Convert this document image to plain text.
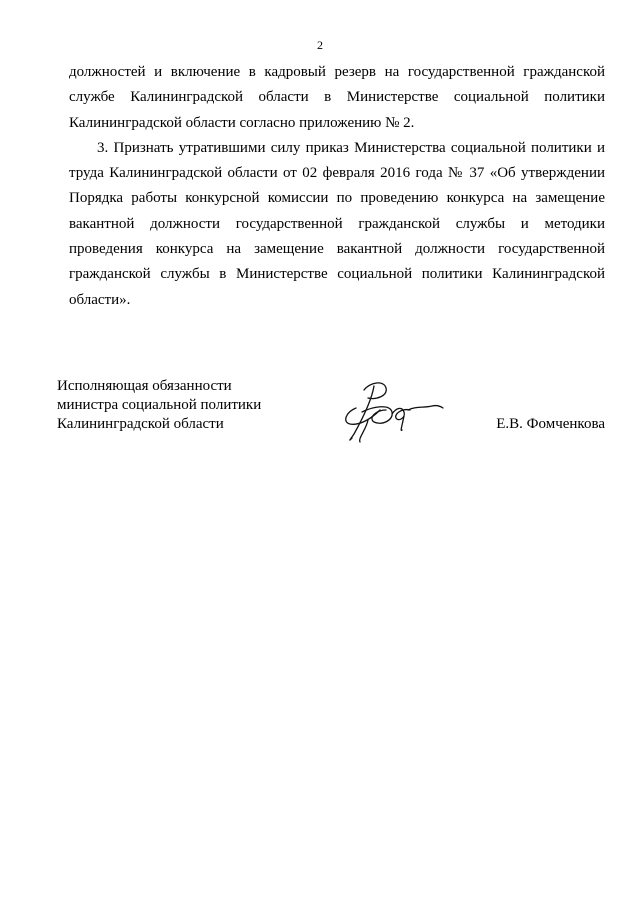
2

должностей и включение в кадровый резерв на государственной гражданской службе Калининградской области в Министерстве социальной политики Калининградской области согласно приложению № 2.

3. Признать утратившими силу приказ Министерства социальной политики и труда Калининградской области от 02 февраля 2016 года № 37 «Об утверждении Порядка работы конкурсной комиссии по проведению конкурса на замещение вакантной должности государственной гражданской службы и методики проведения конкурса на замещение вакантной должности государственной гражданской службы в Министерстве социальной политики Калининградской области».

Исполняющая обязанности
министра социальной политики
Калининградской области	Е.В. Фомченкова
